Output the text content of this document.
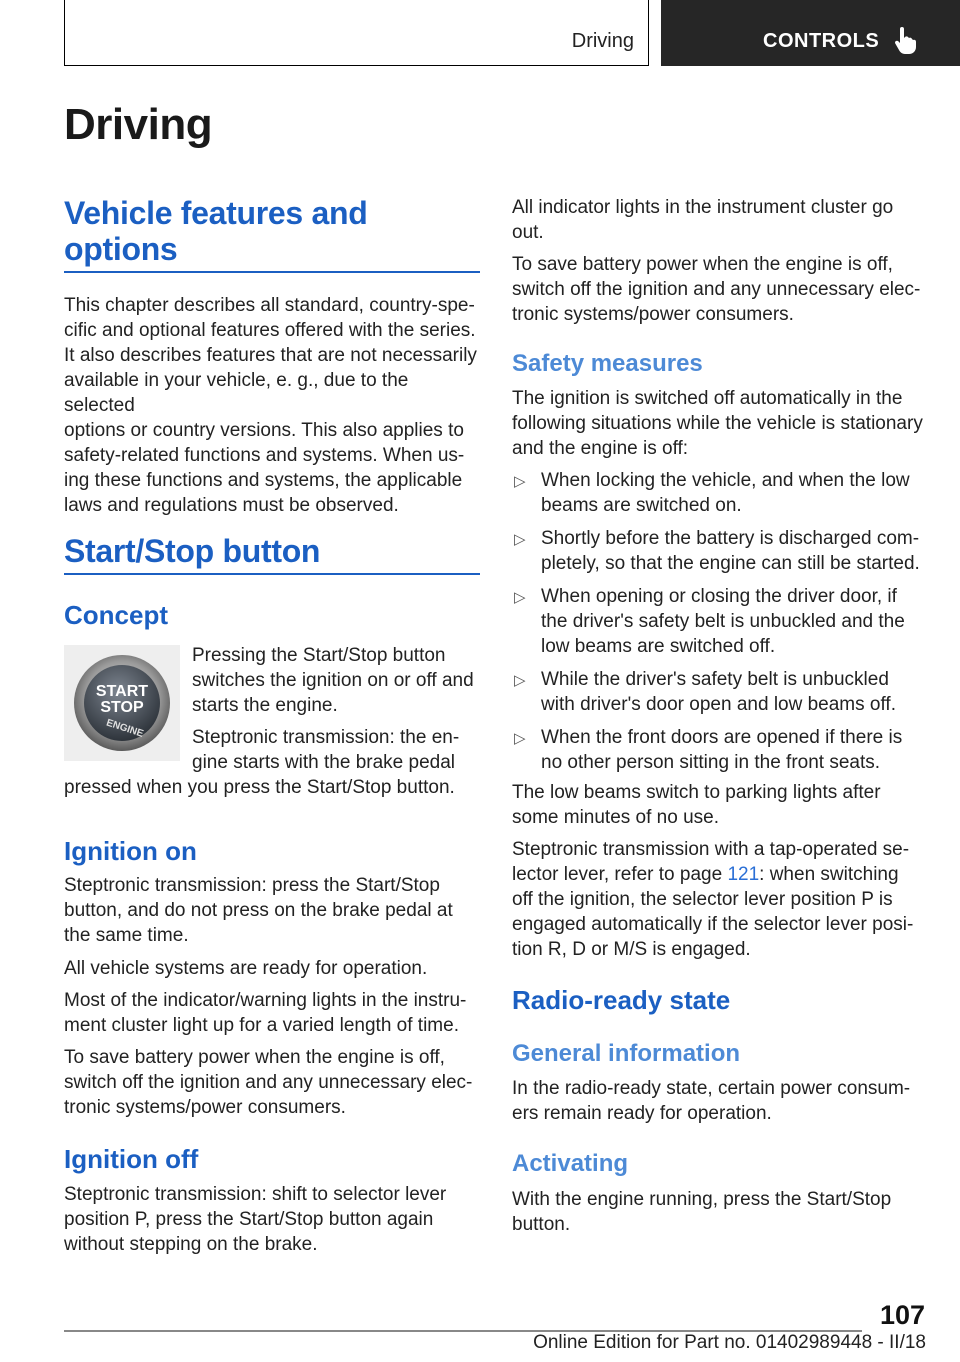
Driving	CONTROLS
Driving
Vehicle features and
options
This chapter describes all standard, country-spe-
cific and optional features offered with the series.
It also describes features that are not necessarily
available in your vehicle, e. g., due to the selected
options or country versions. This also applies to
safety-related functions and systems. When us-
ing these functions and systems, the applicable
laws and regulations must be observed.
Start/Stop button
Concept
START
STOP
ENGINE
Pressing the Start/Stop button
switches the ignition on or off and
starts the engine.
Steptronic transmission: the en-
gine starts with the brake pedal
pressed when you press the Start/Stop button.
Ignition on
Steptronic transmission: press the Start/Stop
button, and do not press on the brake pedal at
the same time.
All vehicle systems are ready for operation.
Most of the indicator/warning lights in the instru-
ment cluster light up for a varied length of time.
To save battery power when the engine is off,
switch off the ignition and any unnecessary elec-
tronic systems/power consumers.
Ignition off
Steptronic transmission: shift to selector lever
position P, press the Start/Stop button again
without stepping on the brake.
All indicator lights in the instrument cluster go
out.
To save battery power when the engine is off,
switch off the ignition and any unnecessary elec-
tronic systems/power consumers.
Safety measures
The ignition is switched off automatically in the
following situations while the vehicle is stationary
and the engine is off:
▷ When locking the vehicle, and when the low
beams are switched on.
▷ Shortly before the battery is discharged com-
pletely, so that the engine can still be started.
▷ When opening or closing the driver door, if
the driver's safety belt is unbuckled and the
low beams are switched off.
▷ While the driver's safety belt is unbuckled
with driver's door open and low beams off.
▷ When the front doors are opened if there is
no other person sitting in the front seats.
The low beams switch to parking lights after
some minutes of no use.
Steptronic transmission with a tap-operated se-
lector lever, refer to page 121: when switching
off the ignition, the selector lever position P is
engaged automatically if the selector lever posi-
tion R, D or M/S is engaged.
Radio-ready state
General information
In the radio-ready state, certain power consum-
ers remain ready for operation.
Activating
With the engine running, press the Start/Stop
button.
107
Online Edition for Part no. 01402989448 - II/18
